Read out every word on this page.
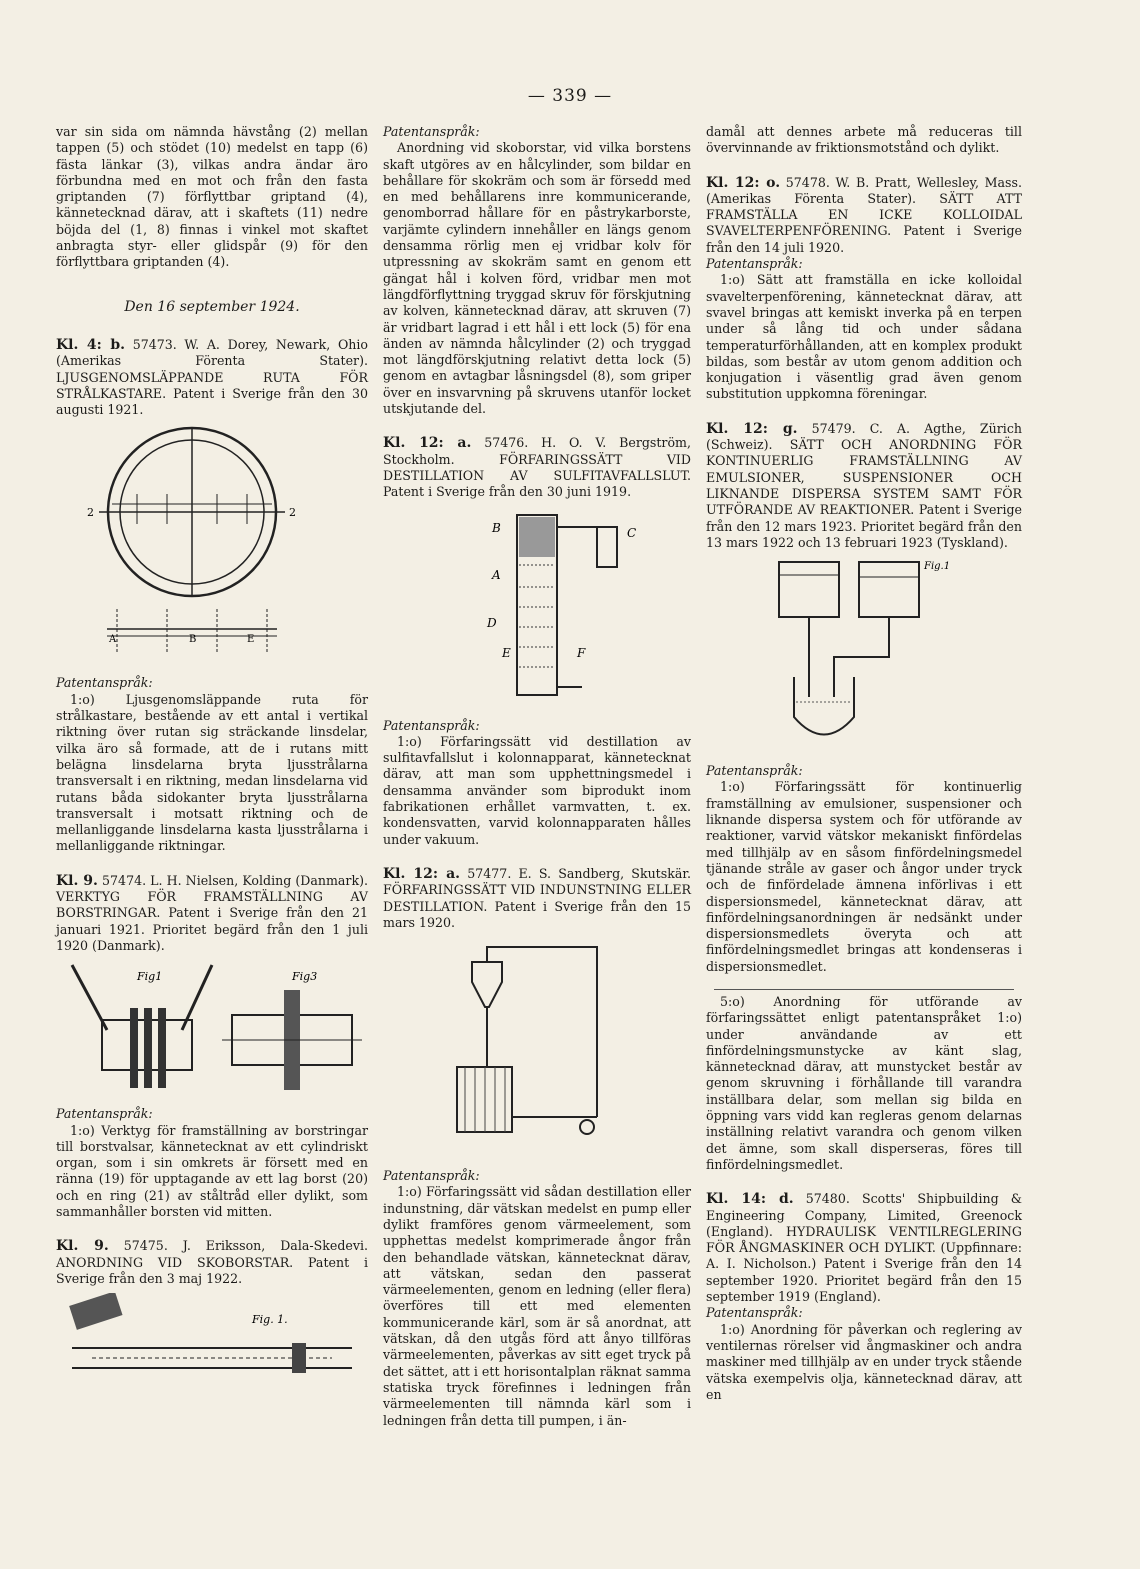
— 339 —

var sin sida om nämnda hävstång (2) mellan tappen (5) och stödet (10) medelst en tapp (6) fästa länkar (3), vilkas andra ändar äro förbundna med en mot och från den fasta griptanden (7) förflyttbar griptand (4), kännetecknad därav, att i skaftets (11) nedre böjda del (1, 8) finnas i vinkel mot skaftet anbragta styr- eller glidspår (9) för den förflyttbara griptanden (4).

Den 16 september 1924.

Kl. 4: b. 57473. W. A. Dorey, Newark, Ohio (Amerikas Förenta Stater). LJUSGENOMSLÄPPANDE RUTA FÖR STRÅLKASTARE. Patent i Sverige från den 30 augusti 1921.

2	2
A	B	E

Patentanspråk:

1:o) Ljusgenomsläppande ruta för strålkastare, bestående av ett antal i vertikal riktning över rutan sig sträckande linsdelar, vilka äro så formade, att de i rutans mitt belägna linsdelarna bryta ljusstrålarna transversalt i en riktning, medan linsdelarna vid rutans båda sidokanter bryta ljusstrålarna transversalt i motsatt riktning och de mellanliggande linsdelarna kasta ljusstrålarna i mellanliggande riktningar.

Kl. 9. 57474. L. H. Nielsen, Kolding (Danmark). VERKTYG FÖR FRAMSTÄLLNING AV BORSTRINGAR. Patent i Sverige från den 21 januari 1921. Prioritet begärd från den 1 juli 1920 (Danmark).

Fig1	Fig3

Patentanspråk:

1:o) Verktyg för framställning av borstringar till borstvalsar, kännetecknat av ett cylindriskt organ, som i sin omkrets är försett med en ränna (19) för upptagande av ett lag borst (20) och en ring (21) av ståltråd eller dylikt, som sammanhåller borsten vid mitten.

Kl. 9. 57475. J. Eriksson, Dala-Skedevi. ANORDNING VID SKOBORSTAR. Patent i Sverige från den 3 maj 1922.

Fig. 1.

Patentanspråk:

Anordning vid skoborstar, vid vilka borstens skaft utgöres av en hålcylinder, som bildar en behållare för skokräm och som är försedd med en med behållarens inre kommunicerande, genomborrad hållare för en påstrykarborste, varjämte cylindern innehåller en längs genom densamma rörlig men ej vridbar kolv för utpressning av skokräm samt en genom ett gängat hål i kolven förd, vridbar men mot längdförflyttning tryggad skruv för förskjutning av kolven, kännetecknad därav, att skruven (7) är vridbart lagrad i ett hål i ett lock (5) för ena änden av nämnda hålcylinder (2) och tryggad mot längdförskjutning relativt detta lock (5) genom en avtagbar låsningsdel (8), som griper över en insvarvning på skruvens utanför locket utskjutande del.

Kl. 12: a. 57476. H. O. V. Bergström, Stockholm. FÖRFARINGSSÄTT VID DESTILLATION AV SULFITAVFALLSLUT. Patent i Sverige från den 30 juni 1919.

B	C
A
D
E	F

Patentanspråk:

1:o) Förfaringssätt vid destillation av sulfitavfallslut i kolonnapparat, kännetecknat därav, att man som upphettningsmedel i densamma använder som biprodukt inom fabrikationen erhållet varmvatten, t. ex. kondensvatten, varvid kolonnapparaten hålles under vakuum.

Kl. 12: a. 57477. E. S. Sandberg, Skutskär. FÖRFARINGSSÄTT VID INDUNSTNING ELLER DESTILLATION. Patent i Sverige från den 15 mars 1920.

Patentanspråk:

1:o) Förfaringssätt vid sådan destillation eller indunstning, där vätskan medelst en pump eller dylikt framföres genom värmeelement, som upphettas medelst komprimerade ångor från den behandlade vätskan, kännetecknat därav, att vätskan, sedan den passerat värmeelementen, genom en ledning (eller flera) överföres till ett med elementen kommunicerande kärl, som är så anordnat, att vätskan, då den utgås förd att ånyo tillföras värmeelementen, påverkas av sitt eget tryck på det sättet, att i ett horisontalplan räknat samma statiska tryck förefinnes i ledningen från värmeelementen till nämnda kärl som i ledningen från detta till pumpen, i än-

damål att dennes arbete må reduceras till övervinnande av friktionsmotstånd och dylikt.

Kl. 12: o. 57478. W. B. Pratt, Wellesley, Mass. (Amerikas Förenta Stater). SÄTT ATT FRAMSTÄLLA EN ICKE KOLLOIDAL SVAVELTERPENFÖRENING. Patent i Sverige från den 14 juli 1920.

Patentanspråk:

1:o) Sätt att framställa en icke kolloidal svavelterpenförening, kännetecknat därav, att svavel bringas att kemiskt inverka på en terpen under så lång tid och under sådana temperaturförhållanden, att en komplex produkt bildas, som består av utom genom addition och konjugation i väsentlig grad även genom substitution uppkomna föreningar.

Kl. 12: g. 57479. C. A. Agthe, Zürich (Schweiz). SÄTT OCH ANORDNING FÖR KONTINUERLIG FRAMSTÄLLNING AV EMULSIONER, SUSPENSIONER OCH LIKNANDE DISPERSA SYSTEM SAMT FÖR UTFÖRANDE AV REAKTIONER. Patent i Sverige från den 12 mars 1923. Prioritet begärd från den 13 mars 1922 och 13 februari 1923 (Tyskland).

Fig.1

Patentanspråk:

1:o) Förfaringssätt för kontinuerlig framställning av emulsioner, suspensioner och liknande dispersa system och för utförande av reaktioner, varvid vätskor mekaniskt finfördelas med tillhjälp av en såsom finfördelningsmedel tjänande stråle av gaser och ångor under tryck och de finfördelade ämnena införlivas i ett dispersionsmedel, kännetecknat därav, att finfördelningsanordningen är nedsänkt under dispersionsmedlets överyta och att finfördelningsmedlet bringas att kondenseras i dispersionsmedlet.

5:o) Anordning för utförande av förfaringssättet enligt patentanspråket 1:o) under användande av ett finfördelningsmunstycke av känt slag, kännetecknad därav, att munstycket består av genom skruvning i förhållande till varandra inställbara delar, som mellan sig bilda en öppning vars vidd kan regleras genom delarnas inställning relativt varandra och genom vilken det ämne, som skall disperseras, föres till finfördelningsmedlet.

Kl. 14: d. 57480. Scotts' Shipbuilding & Engineering Company, Limited, Greenock (England). HYDRAULISK VENTILREGLERING FÖR ÅNGMASKINER OCH DYLIKT. (Uppfinnare: A. I. Nicholson.) Patent i Sverige från den 14 september 1920. Prioritet begärd från den 15 september 1919 (England).

Patentanspråk:

1:o) Anordning för påverkan och reglering av ventilernas rörelser vid ångmaskiner och andra maskiner med tillhjälp av en under tryck stående vätska exempelvis olja, kännetecknad därav, att en
